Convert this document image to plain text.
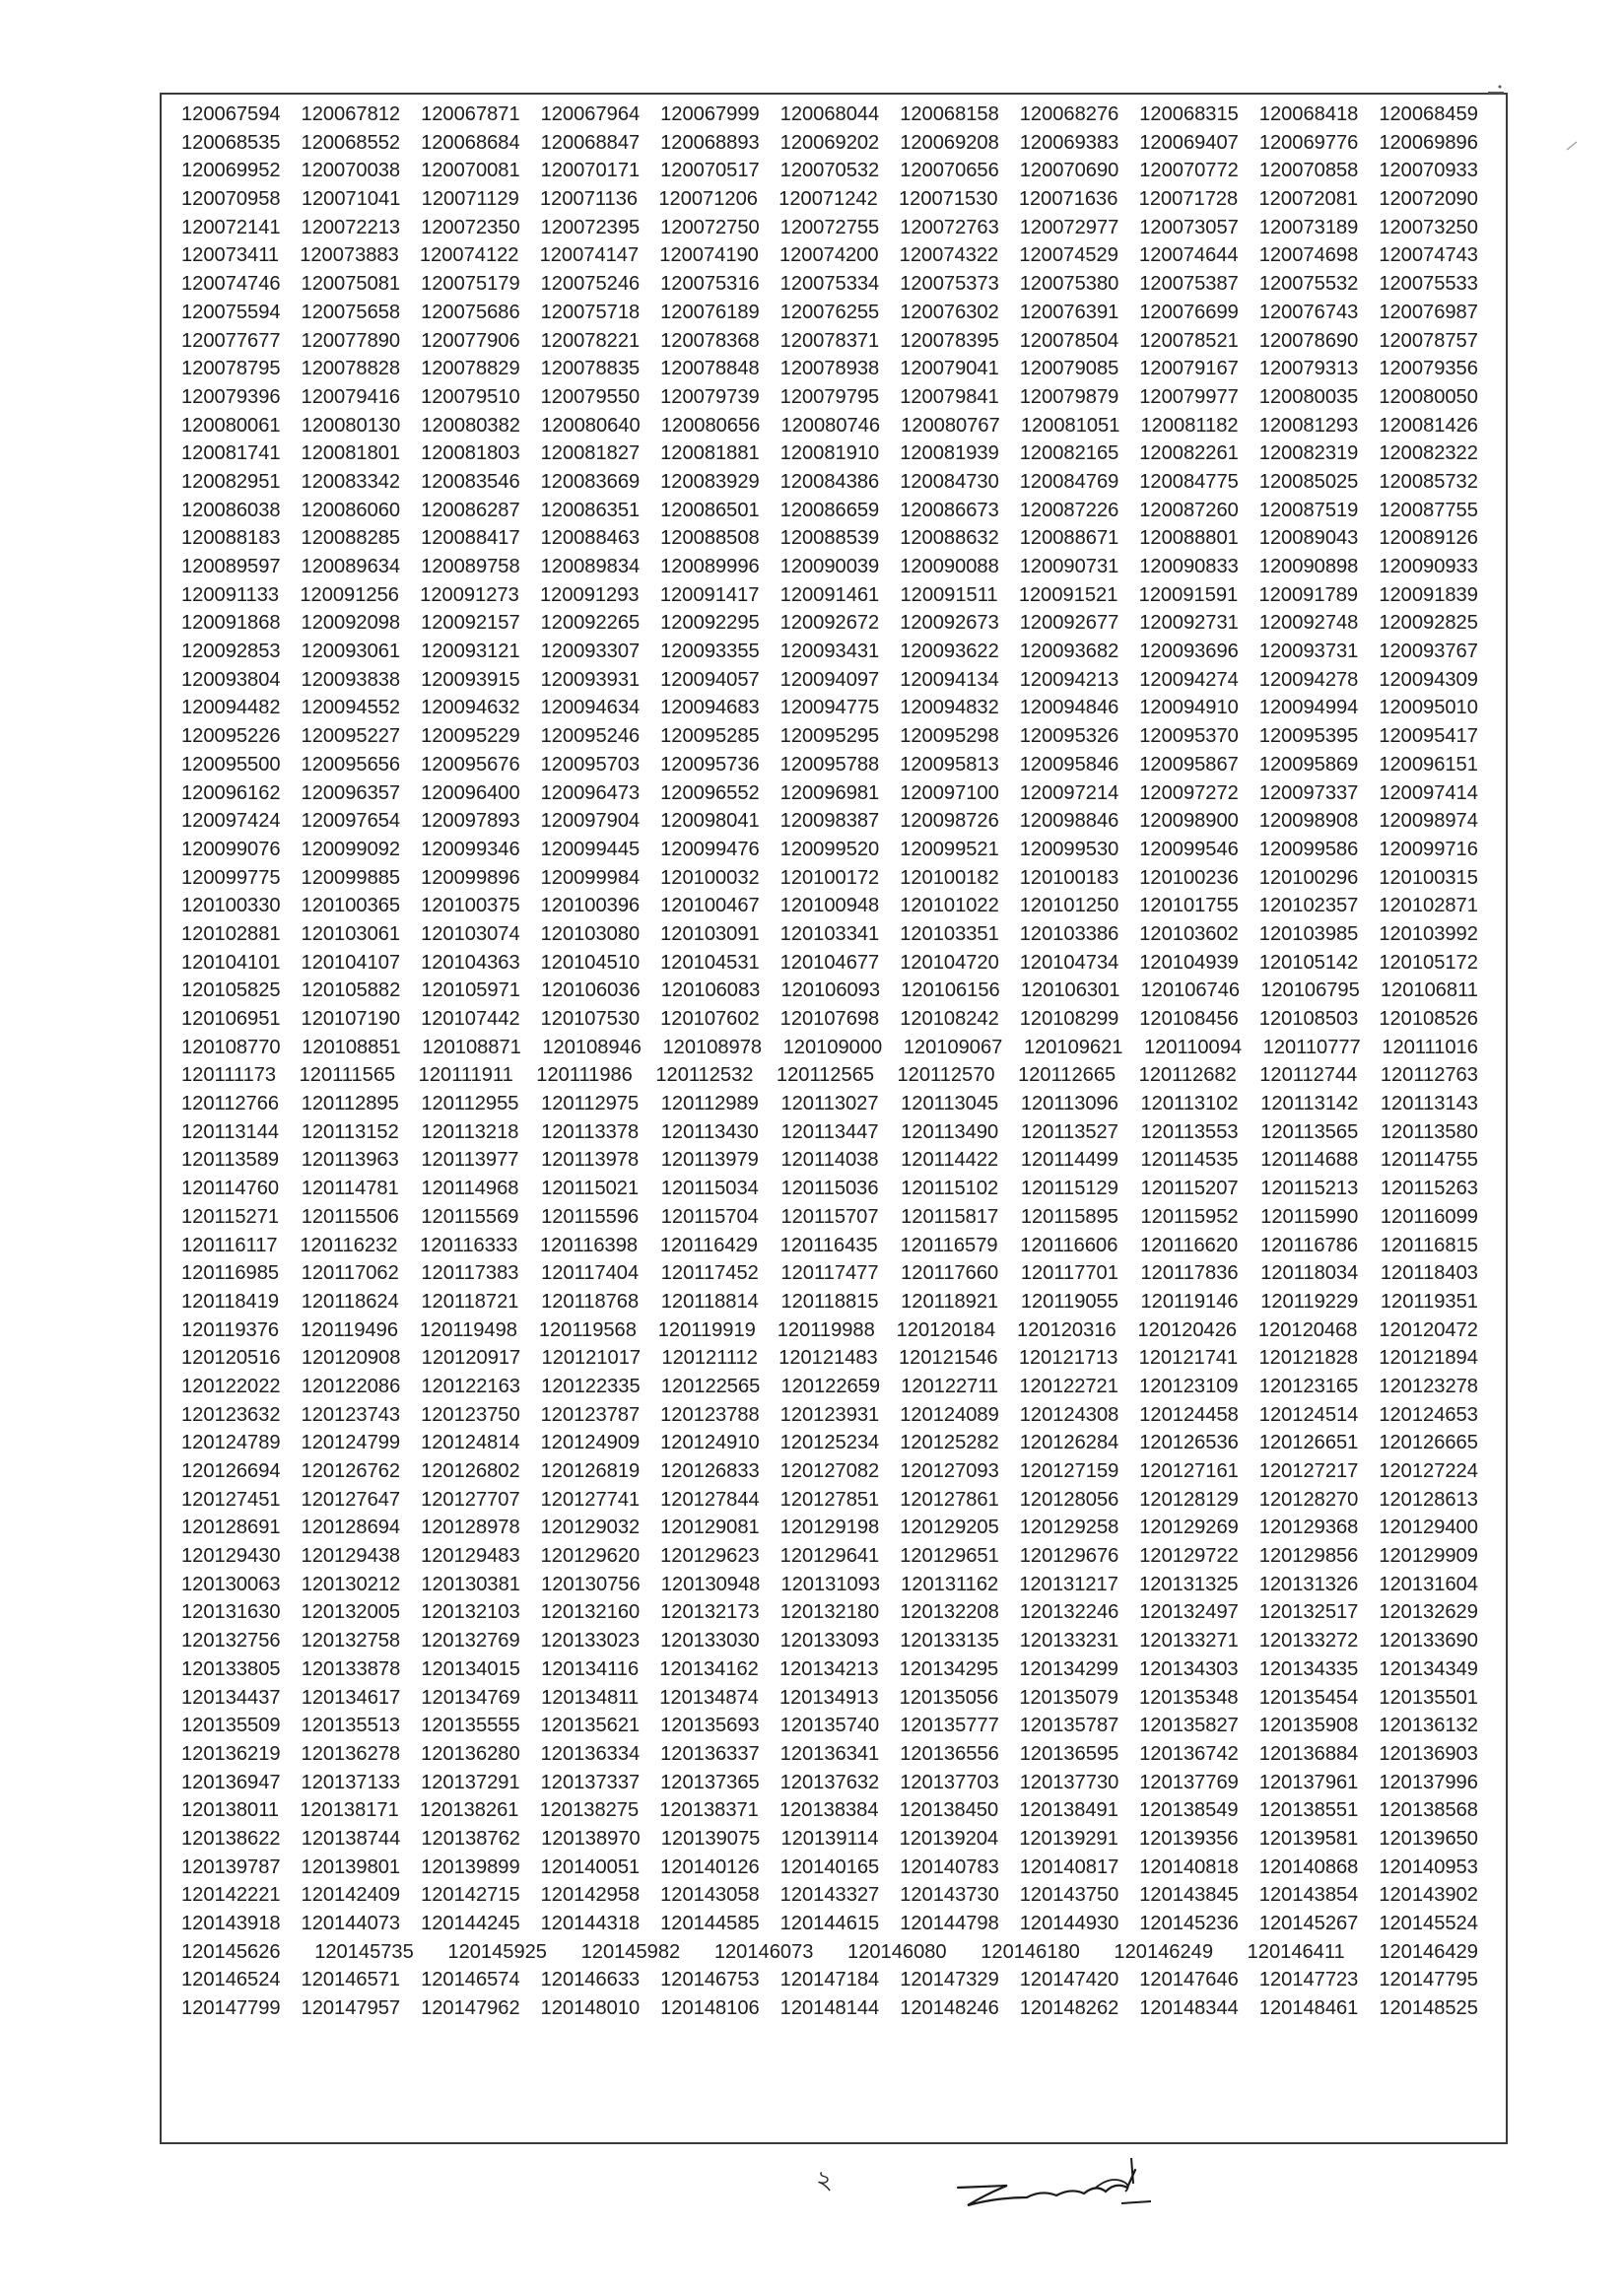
120067594 120067812 120067871 120067964 120067999 120068044 120068158 120068276 120068315 120068418 120068459
120068535 120068552 120068684 120068847 120068893 120069202 120069208 120069383 120069407 120069776 120069896
120069952 120070038 120070081 120070171 120070517 120070532 120070656 120070690 120070772 120070858 120070933
120070958 120071041 120071129 120071136 120071206 120071242 120071530 120071636 120071728 120072081 120072090
120072141 120072213 120072350 120072395 120072750 120072755 120072763 120072977 120073057 120073189 120073250
120073411 120073883 120074122 120074147 120074190 120074200 120074322 120074529 120074644 120074698 120074743
120074746 120075081 120075179 120075246 120075316 120075334 120075373 120075380 120075387 120075532 120075533
120075594 120075658 120075686 120075718 120076189 120076255 120076302 120076391 120076699 120076743 120076987
120077677 120077890 120077906 120078221 120078368 120078371 120078395 120078504 120078521 120078690 120078757
120078795 120078828 120078829 120078835 120078848 120078938 120079041 120079085 120079167 120079313 120079356
120079396 120079416 120079510 120079550 120079739 120079795 120079841 120079879 120079977 120080035 120080050
120080061 120080130 120080382 120080640 120080656 120080746 120080767 120081051 120081182 120081293 120081426
120081741 120081801 120081803 120081827 120081881 120081910 120081939 120082165 120082261 120082319 120082322
120082951 120083342 120083546 120083669 120083929 120084386 120084730 120084769 120084775 120085025 120085732
120086038 120086060 120086287 120086351 120086501 120086659 120086673 120087226 120087260 120087519 120087755
120088183 120088285 120088417 120088463 120088508 120088539 120088632 120088671 120088801 120089043 120089126
120089597 120089634 120089758 120089834 120089996 120090039 120090088 120090731 120090833 120090898 120090933
120091133 120091256 120091273 120091293 120091417 120091461 120091511 120091521 120091591 120091789 120091839
120091868 120092098 120092157 120092265 120092295 120092672 120092673 120092677 120092731 120092748 120092825
120092853 120093061 120093121 120093307 120093355 120093431 120093622 120093682 120093696 120093731 120093767
120093804 120093838 120093915 120093931 120094057 120094097 120094134 120094213 120094274 120094278 120094309
120094482 120094552 120094632 120094634 120094683 120094775 120094832 120094846 120094910 120094994 120095010
120095226 120095227 120095229 120095246 120095285 120095295 120095298 120095326 120095370 120095395 120095417
120095500 120095656 120095676 120095703 120095736 120095788 120095813 120095846 120095867 120095869 120096151
120096162 120096357 120096400 120096473 120096552 120096981 120097100 120097214 120097272 120097337 120097414
120097424 120097654 120097893 120097904 120098041 120098387 120098726 120098846 120098900 120098908 120098974
120099076 120099092 120099346 120099445 120099476 120099520 120099521 120099530 120099546 120099586 120099716
120099775 120099885 120099896 120099984 120100032 120100172 120100182 120100183 120100236 120100296 120100315
120100330 120100365 120100375 120100396 120100467 120100948 120101022 120101250 120101755 120102357 120102871
120102881 120103061 120103074 120103080 120103091 120103341 120103351 120103386 120103602 120103985 120103992
120104101 120104107 120104363 120104510 120104531 120104677 120104720 120104734 120104939 120105142 120105172
120105825 120105882 120105971 120106036 120106083 120106093 120106156 120106301 120106746 120106795 120106811
120106951 120107190 120107442 120107530 120107602 120107698 120108242 120108299 120108456 120108503 120108526
120108770 120108851 120108871 120108946 120108978 120109000 120109067 120109621 120110094 120110777 120111016
120111173 120111565 120111911 120111986 120112532 120112565 120112570 120112665 120112682 120112744 120112763
120112766 120112895 120112955 120112975 120112989 120113027 120113045 120113096 120113102 120113142 120113143
120113144 120113152 120113218 120113378 120113430 120113447 120113490 120113527 120113553 120113565 120113580
120113589 120113963 120113977 120113978 120113979 120114038 120114422 120114499 120114535 120114688 120114755
120114760 120114781 120114968 120115021 120115034 120115036 120115102 120115129 120115207 120115213 120115263
120115271 120115506 120115569 120115596 120115704 120115707 120115817 120115895 120115952 120115990 120116099
120116117 120116232 120116333 120116398 120116429 120116435 120116579 120116606 120116620 120116786 120116815
120116985 120117062 120117383 120117404 120117452 120117477 120117660 120117701 120117836 120118034 120118403
120118419 120118624 120118721 120118768 120118814 120118815 120118921 120119055 120119146 120119229 120119351
120119376 120119496 120119498 120119568 120119919 120119988 120120184 120120316 120120426 120120468 120120472
120120516 120120908 120120917 120121017 120121112 120121483 120121546 120121713 120121741 120121828 120121894
120122022 120122086 120122163 120122335 120122565 120122659 120122711 120122721 120123109 120123165 120123278
120123632 120123743 120123750 120123787 120123788 120123931 120124089 120124308 120124458 120124514 120124653
120124789 120124799 120124814 120124909 120124910 120125234 120125282 120126284 120126536 120126651 120126665
120126694 120126762 120126802 120126819 120126833 120127082 120127093 120127159 120127161 120127217 120127224
120127451 120127647 120127707 120127741 120127844 120127851 120127861 120128056 120128129 120128270 120128613
120128691 120128694 120128978 120129032 120129081 120129198 120129205 120129258 120129269 120129368 120129400
120129430 120129438 120129483 120129620 120129623 120129641 120129651 120129676 120129722 120129856 120129909
120130063 120130212 120130381 120130756 120130948 120131093 120131162 120131217 120131325 120131326 120131604
120131630 120132005 120132103 120132160 120132173 120132180 120132208 120132246 120132497 120132517 120132629
120132756 120132758 120132769 120133023 120133030 120133093 120133135 120133231 120133271 120133272 120133690
120133805 120133878 120134015 120134116 120134162 120134213 120134295 120134299 120134303 120134335 120134349
120134437 120134617 120134769 120134811 120134874 120134913 120135056 120135079 120135348 120135454 120135501
120135509 120135513 120135555 120135621 120135693 120135740 120135777 120135787 120135827 120135908 120136132
120136219 120136278 120136280 120136334 120136337 120136341 120136556 120136595 120136742 120136884 120136903
120136947 120137133 120137291 120137337 120137365 120137632 120137703 120137730 120137769 120137961 120137996
120138011 120138171 120138261 120138275 120138371 120138384 120138450 120138491 120138549 120138551 120138568
120138622 120138744 120138762 120138970 120139075 120139114 120139204 120139291 120139356 120139581 120139650
120139787 120139801 120139899 120140051 120140126 120140165 120140783 120140817 120140818 120140868 120140953
120142221 120142409 120142715 120142958 120143058 120143327 120143730 120143750 120143845 120143854 120143902
120143918 120144073 120144245 120144318 120144585 120144615 120144798 120144930 120145236 120145267 120145524
120145626 120145735 120145925 120145982 120146073 120146080 120146180 120146249 120146411 120146429
120146524 120146571 120146574 120146633 120146753 120147184 120147329 120147420 120147646 120147723 120147795
120147799 120147957 120147962 120148010 120148106 120148144 120148246 120148262 120148344 120148461 120148525
২
